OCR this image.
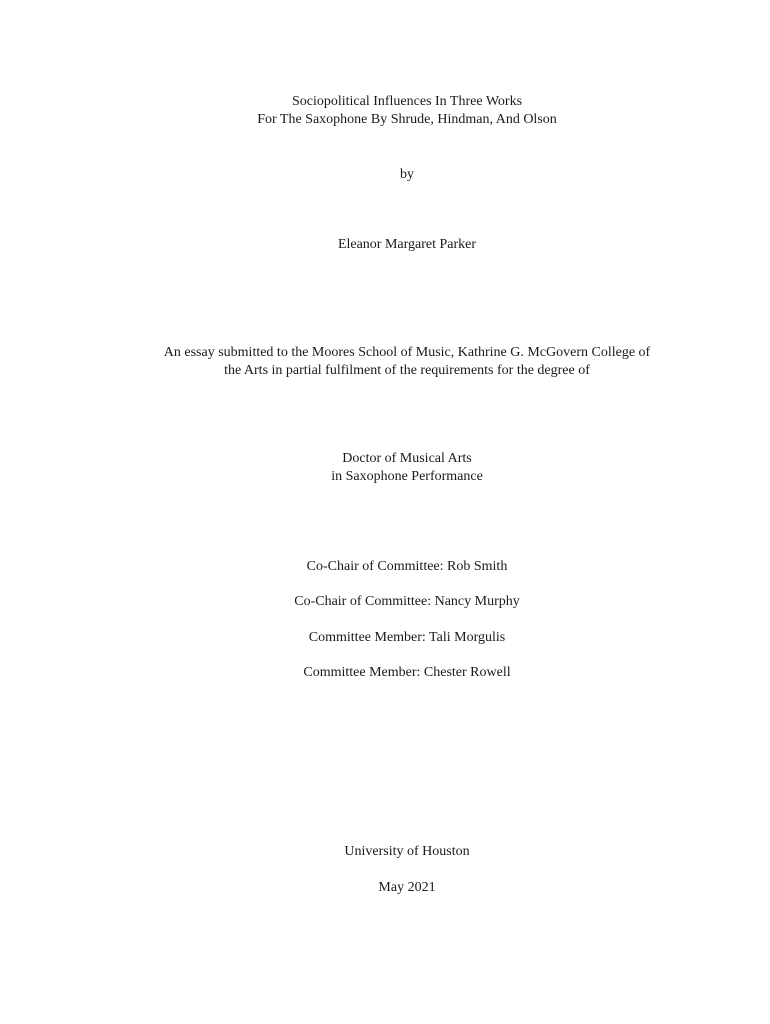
Sociopolitical Influences In Three Works
For The Saxophone By Shrude, Hindman, And Olson
by
Eleanor Margaret Parker
An essay submitted to the Moores School of Music, Kathrine G. McGovern College of
the Arts in partial fulfilment of the requirements for the degree of
Doctor of Musical Arts
in Saxophone Performance
Co-Chair of Committee: Rob Smith
Co-Chair of Committee: Nancy Murphy
Committee Member: Tali Morgulis
Committee Member: Chester Rowell
University of Houston
May 2021
